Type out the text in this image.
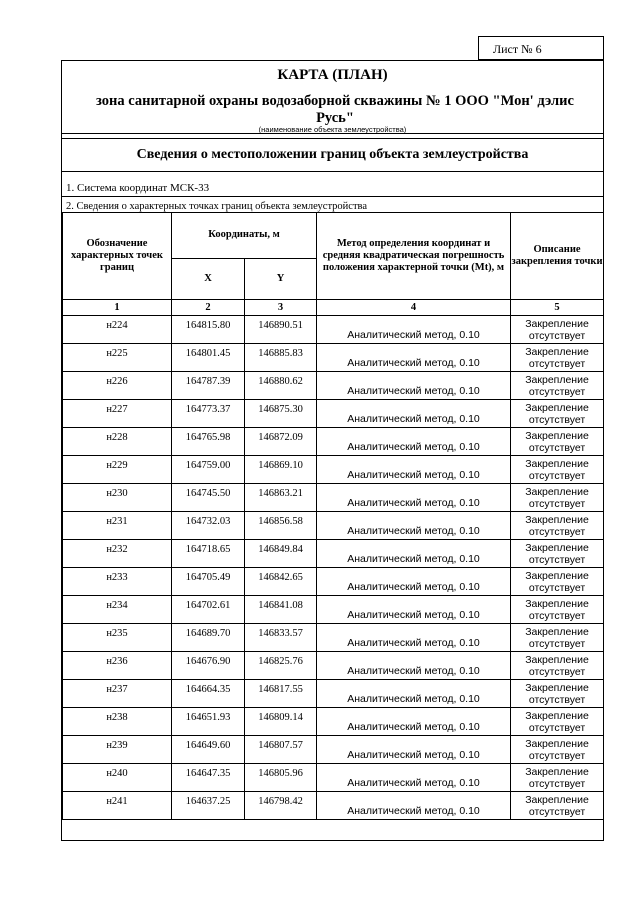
Лист № 6
КАРТА (ПЛАН)
зона санитарной охраны водозаборной скважины № 1 ООО "Мон' дэлис Русь"
(наименование объекта землеустройства)
Сведения о местоположении границ объекта землеустройства
1. Система координат МСК-33
2. Сведения о характерных точках границ объекта землеустройства
Обозначение характерных точек границ	Координаты, м		Метод определения координат и средняя квадратическая погрешность положения характерной точки (Mt), м	Описание закрепления точки
	X	Y		
1	2	3	4	5
н224	164815.80	146890.51	Аналитический метод, 0.10	Закрепление отсутствует
н225	164801.45	146885.83	Аналитический метод, 0.10	Закрепление отсутствует
н226	164787.39	146880.62	Аналитический метод, 0.10	Закрепление отсутствует
н227	164773.37	146875.30	Аналитический метод, 0.10	Закрепление отсутствует
н228	164765.98	146872.09	Аналитический метод, 0.10	Закрепление отсутствует
н229	164759.00	146869.10	Аналитический метод, 0.10	Закрепление отсутствует
н230	164745.50	146863.21	Аналитический метод, 0.10	Закрепление отсутствует
н231	164732.03	146856.58	Аналитический метод, 0.10	Закрепление отсутствует
н232	164718.65	146849.84	Аналитический метод, 0.10	Закрепление отсутствует
н233	164705.49	146842.65	Аналитический метод, 0.10	Закрепление отсутствует
н234	164702.61	146841.08	Аналитический метод, 0.10	Закрепление отсутствует
н235	164689.70	146833.57	Аналитический метод, 0.10	Закрепление отсутствует
н236	164676.90	146825.76	Аналитический метод, 0.10	Закрепление отсутствует
н237	164664.35	146817.55	Аналитический метод, 0.10	Закрепление отсутствует
н238	164651.93	146809.14	Аналитический метод, 0.10	Закрепление отсутствует
н239	164649.60	146807.57	Аналитический метод, 0.10	Закрепление отсутствует
н240	164647.35	146805.96	Аналитический метод, 0.10	Закрепление отсутствует
н241	164637.25	146798.42	Аналитический метод, 0.10	Закрепление отсутствует
